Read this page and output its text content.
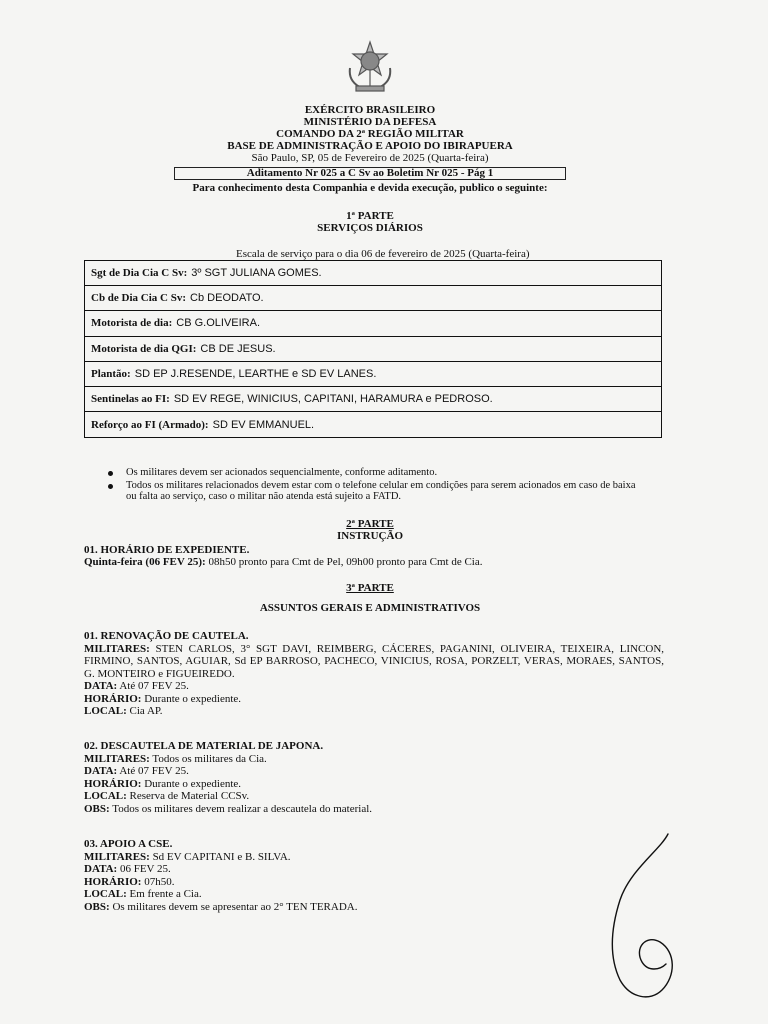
EXÉRCITO BRASILEIRO
MINISTÉRIO DA DEFESA
COMANDO DA 2ª REGIÃO MILITAR
BASE DE ADMINISTRAÇÃO E APOIO DO IBIRAPUERA
São Paulo, SP, 05 de Fevereiro de 2025 (Quarta-feira)
Aditamento Nr 025 a C Sv ao Boletim Nr 025 - Pág 1
Para conhecimento desta Companhia e devida execução, publico o seguinte:
1ª PARTE
SERVIÇOS DIÁRIOS
Escala de serviço para o dia 06 de fevereiro de 2025 (Quarta-feira)
Sgt de Dia Cia C Sv: 3º SGT JULIANA GOMES.
Cb de Dia Cia C Sv: Cb DEODATO.
Motorista de dia: CB G.OLIVEIRA.
Motorista de dia QGI: CB DE JESUS.
Plantão: SD EP J.RESENDE, LEARTHE e SD EV LANES.
Sentinelas ao FI: SD EV REGE, WINICIUS, CAPITANI, HARAMURA e PEDROSO.
Reforço ao FI (Armado): SD EV EMMANUEL.
Os militares devem ser acionados sequencialmente, conforme aditamento.
Todos os militares relacionados devem estar com o telefone celular em condições para serem acionados em caso de baixa ou falta ao serviço, caso o militar não atenda está sujeito a FATD.
2ª PARTE
INSTRUÇÃO
01. HORÁRIO DE EXPEDIENTE.
Quinta-feira (06 FEV 25): 08h50 pronto para Cmt de Pel, 09h00 pronto para Cmt de Cia.
3ª PARTE
ASSUNTOS GERAIS E ADMINISTRATIVOS
01. RENOVAÇÃO DE CAUTELA.
MILITARES: STEN CARLOS, 3° SGT DAVI, REIMBERG, CÁCERES, PAGANINI, OLIVEIRA, TEIXEIRA, LINCON, FIRMINO, SANTOS, AGUIAR, Sd EP BARROSO, PACHECO, VINICIUS, ROSA, PORZELT, VERAS, MORAES, SANTOS, G. MONTEIRO e FIGUEIREDO.
DATA: Até 07 FEV 25.
HORÁRIO: Durante o expediente.
LOCAL: Cia AP.
02. DESCAUTELA DE MATERIAL DE JAPONA.
MILITARES: Todos os militares da Cia.
DATA: Até 07 FEV 25.
HORÁRIO: Durante o expediente.
LOCAL: Reserva de Material CCSv.
OBS: Todos os militares devem realizar a descautela do material.
03. APOIO A CSE.
MILITARES: Sd EV CAPITANI e B. SILVA.
DATA: 06 FEV 25.
HORÁRIO: 07h50.
LOCAL: Em frente a Cia.
OBS: Os militares devem se apresentar ao 2° TEN TERADA.
